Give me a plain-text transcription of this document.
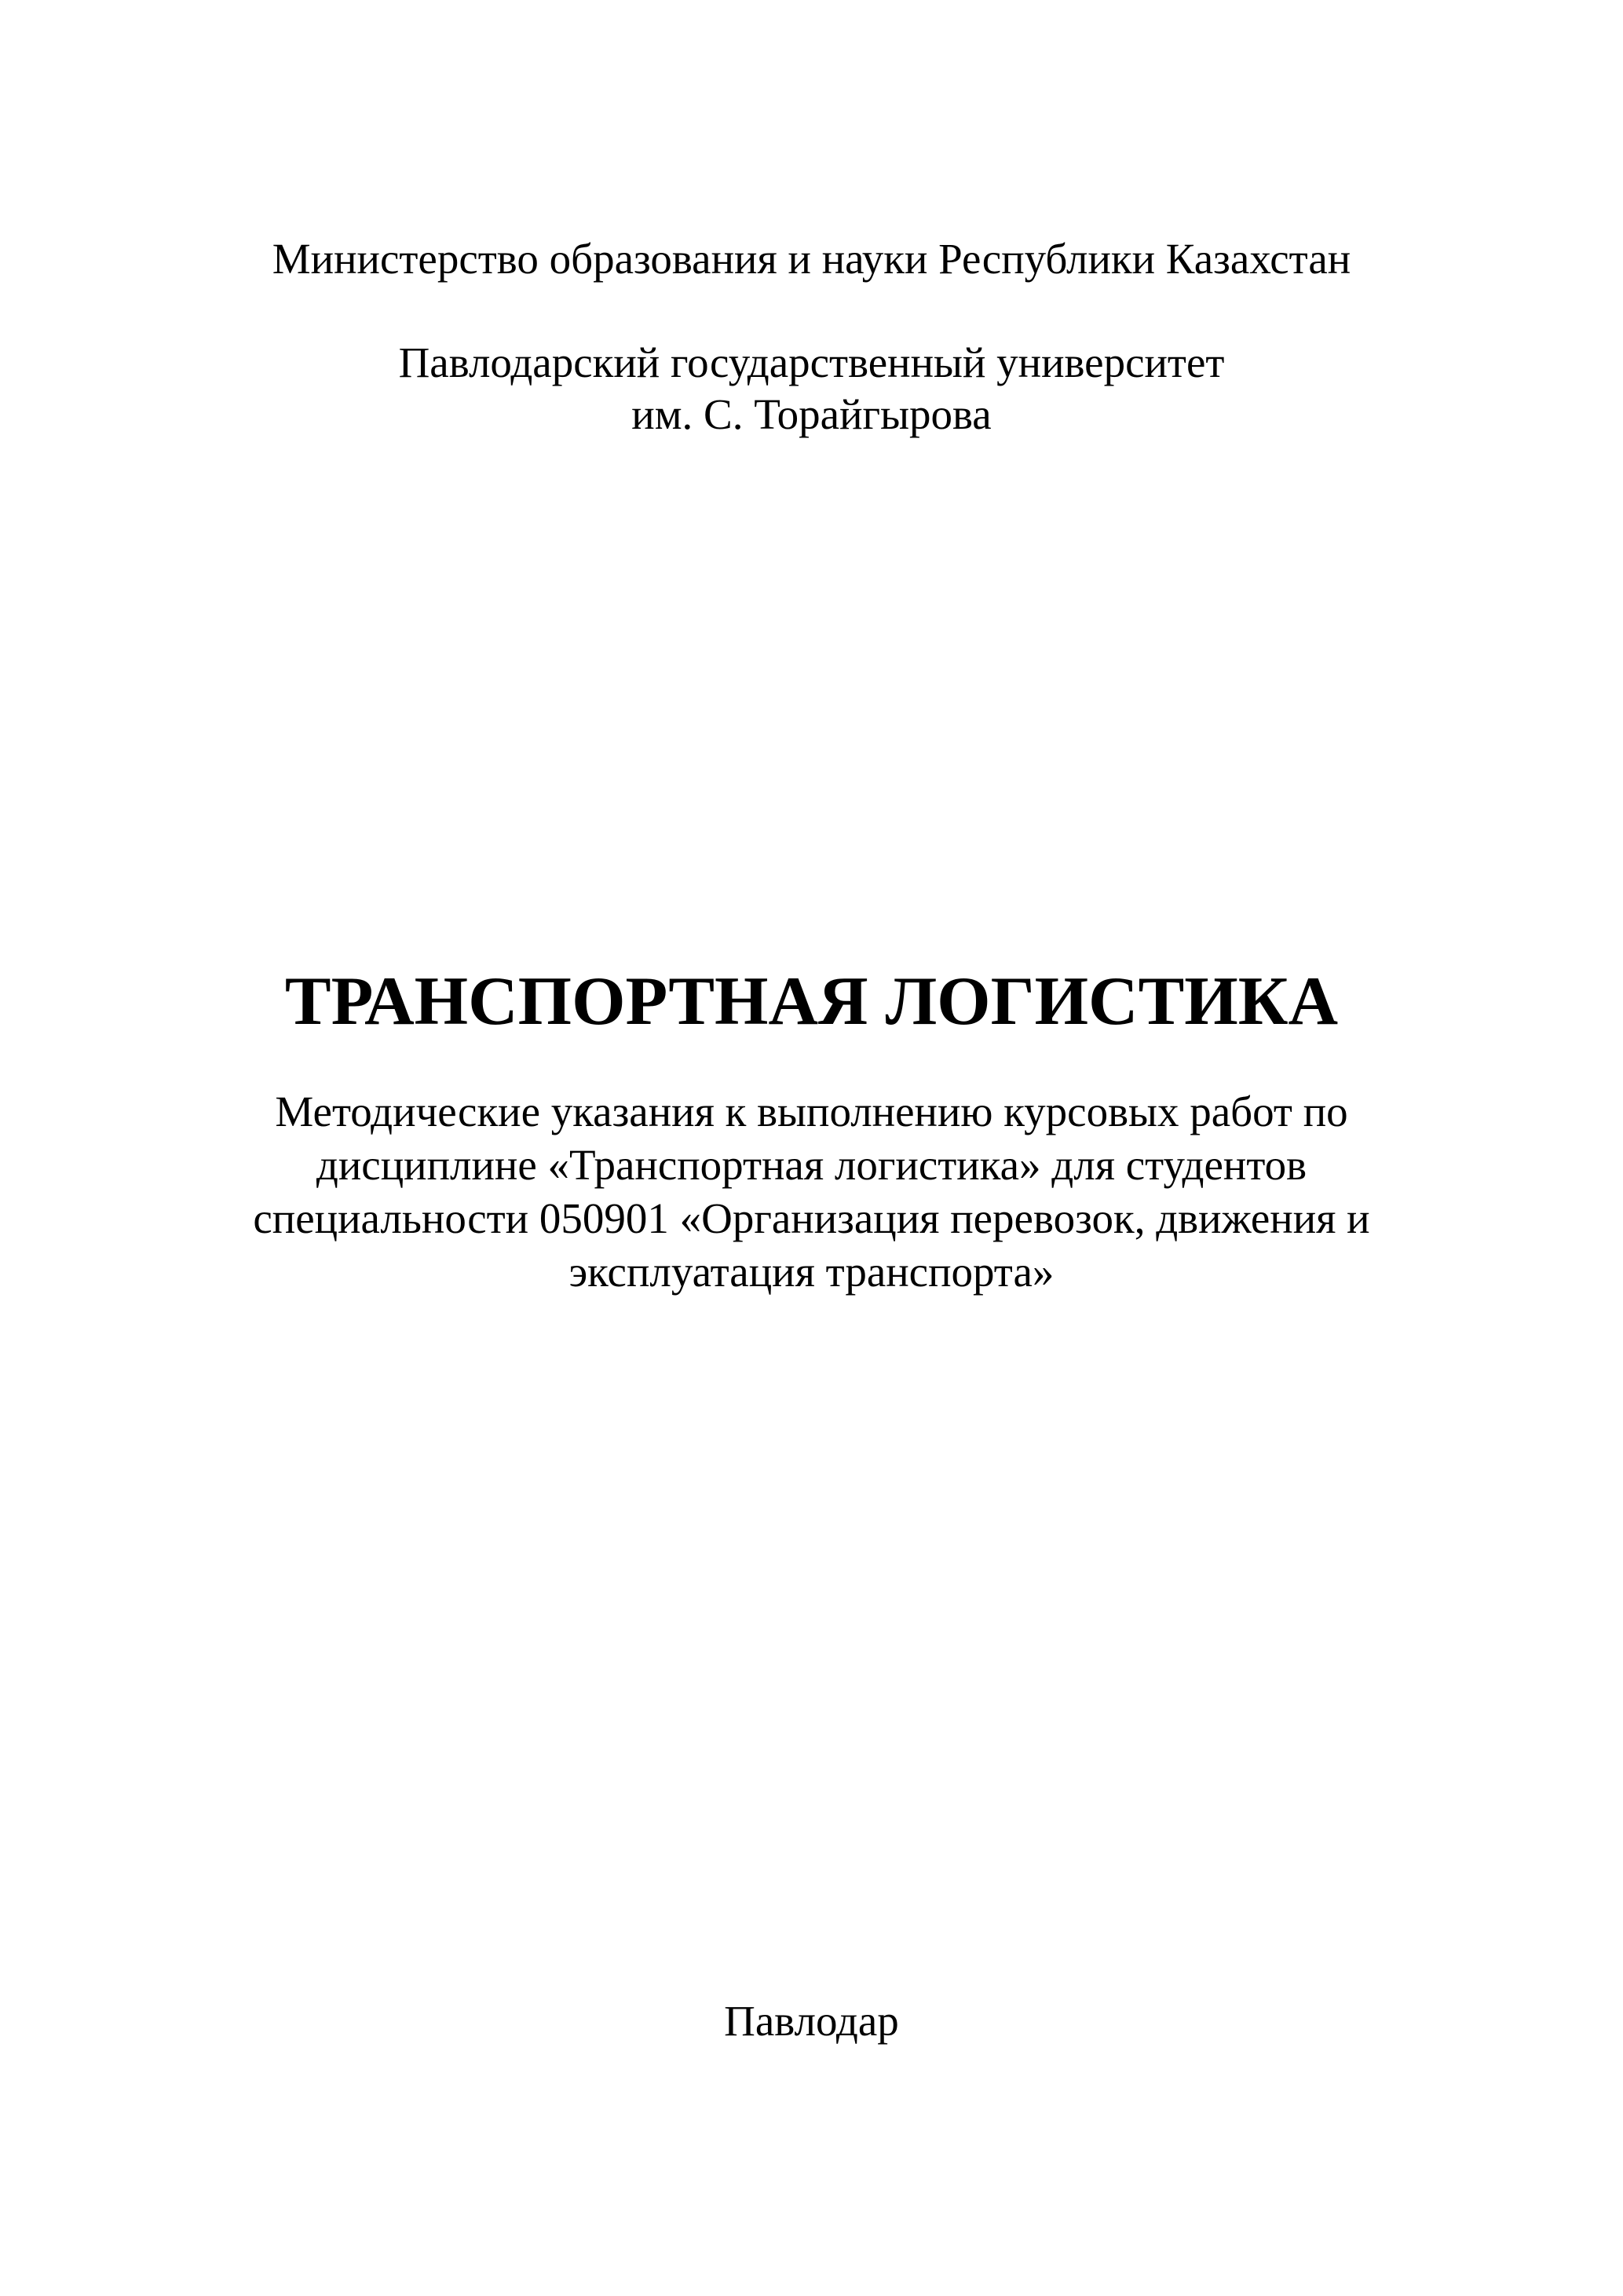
Министерство образования и науки Республики Казахстан
Павлодарский государственный университет
им. С. Торайгырова
ТРАНСПОРТНАЯ ЛОГИСТИКА
Методические указания к выполнению курсовых работ по
дисциплине «Транспортная логистика» для студентов
специальности 050901 «Организация перевозок, движения и
эксплуатация транспорта»
Павлодар
